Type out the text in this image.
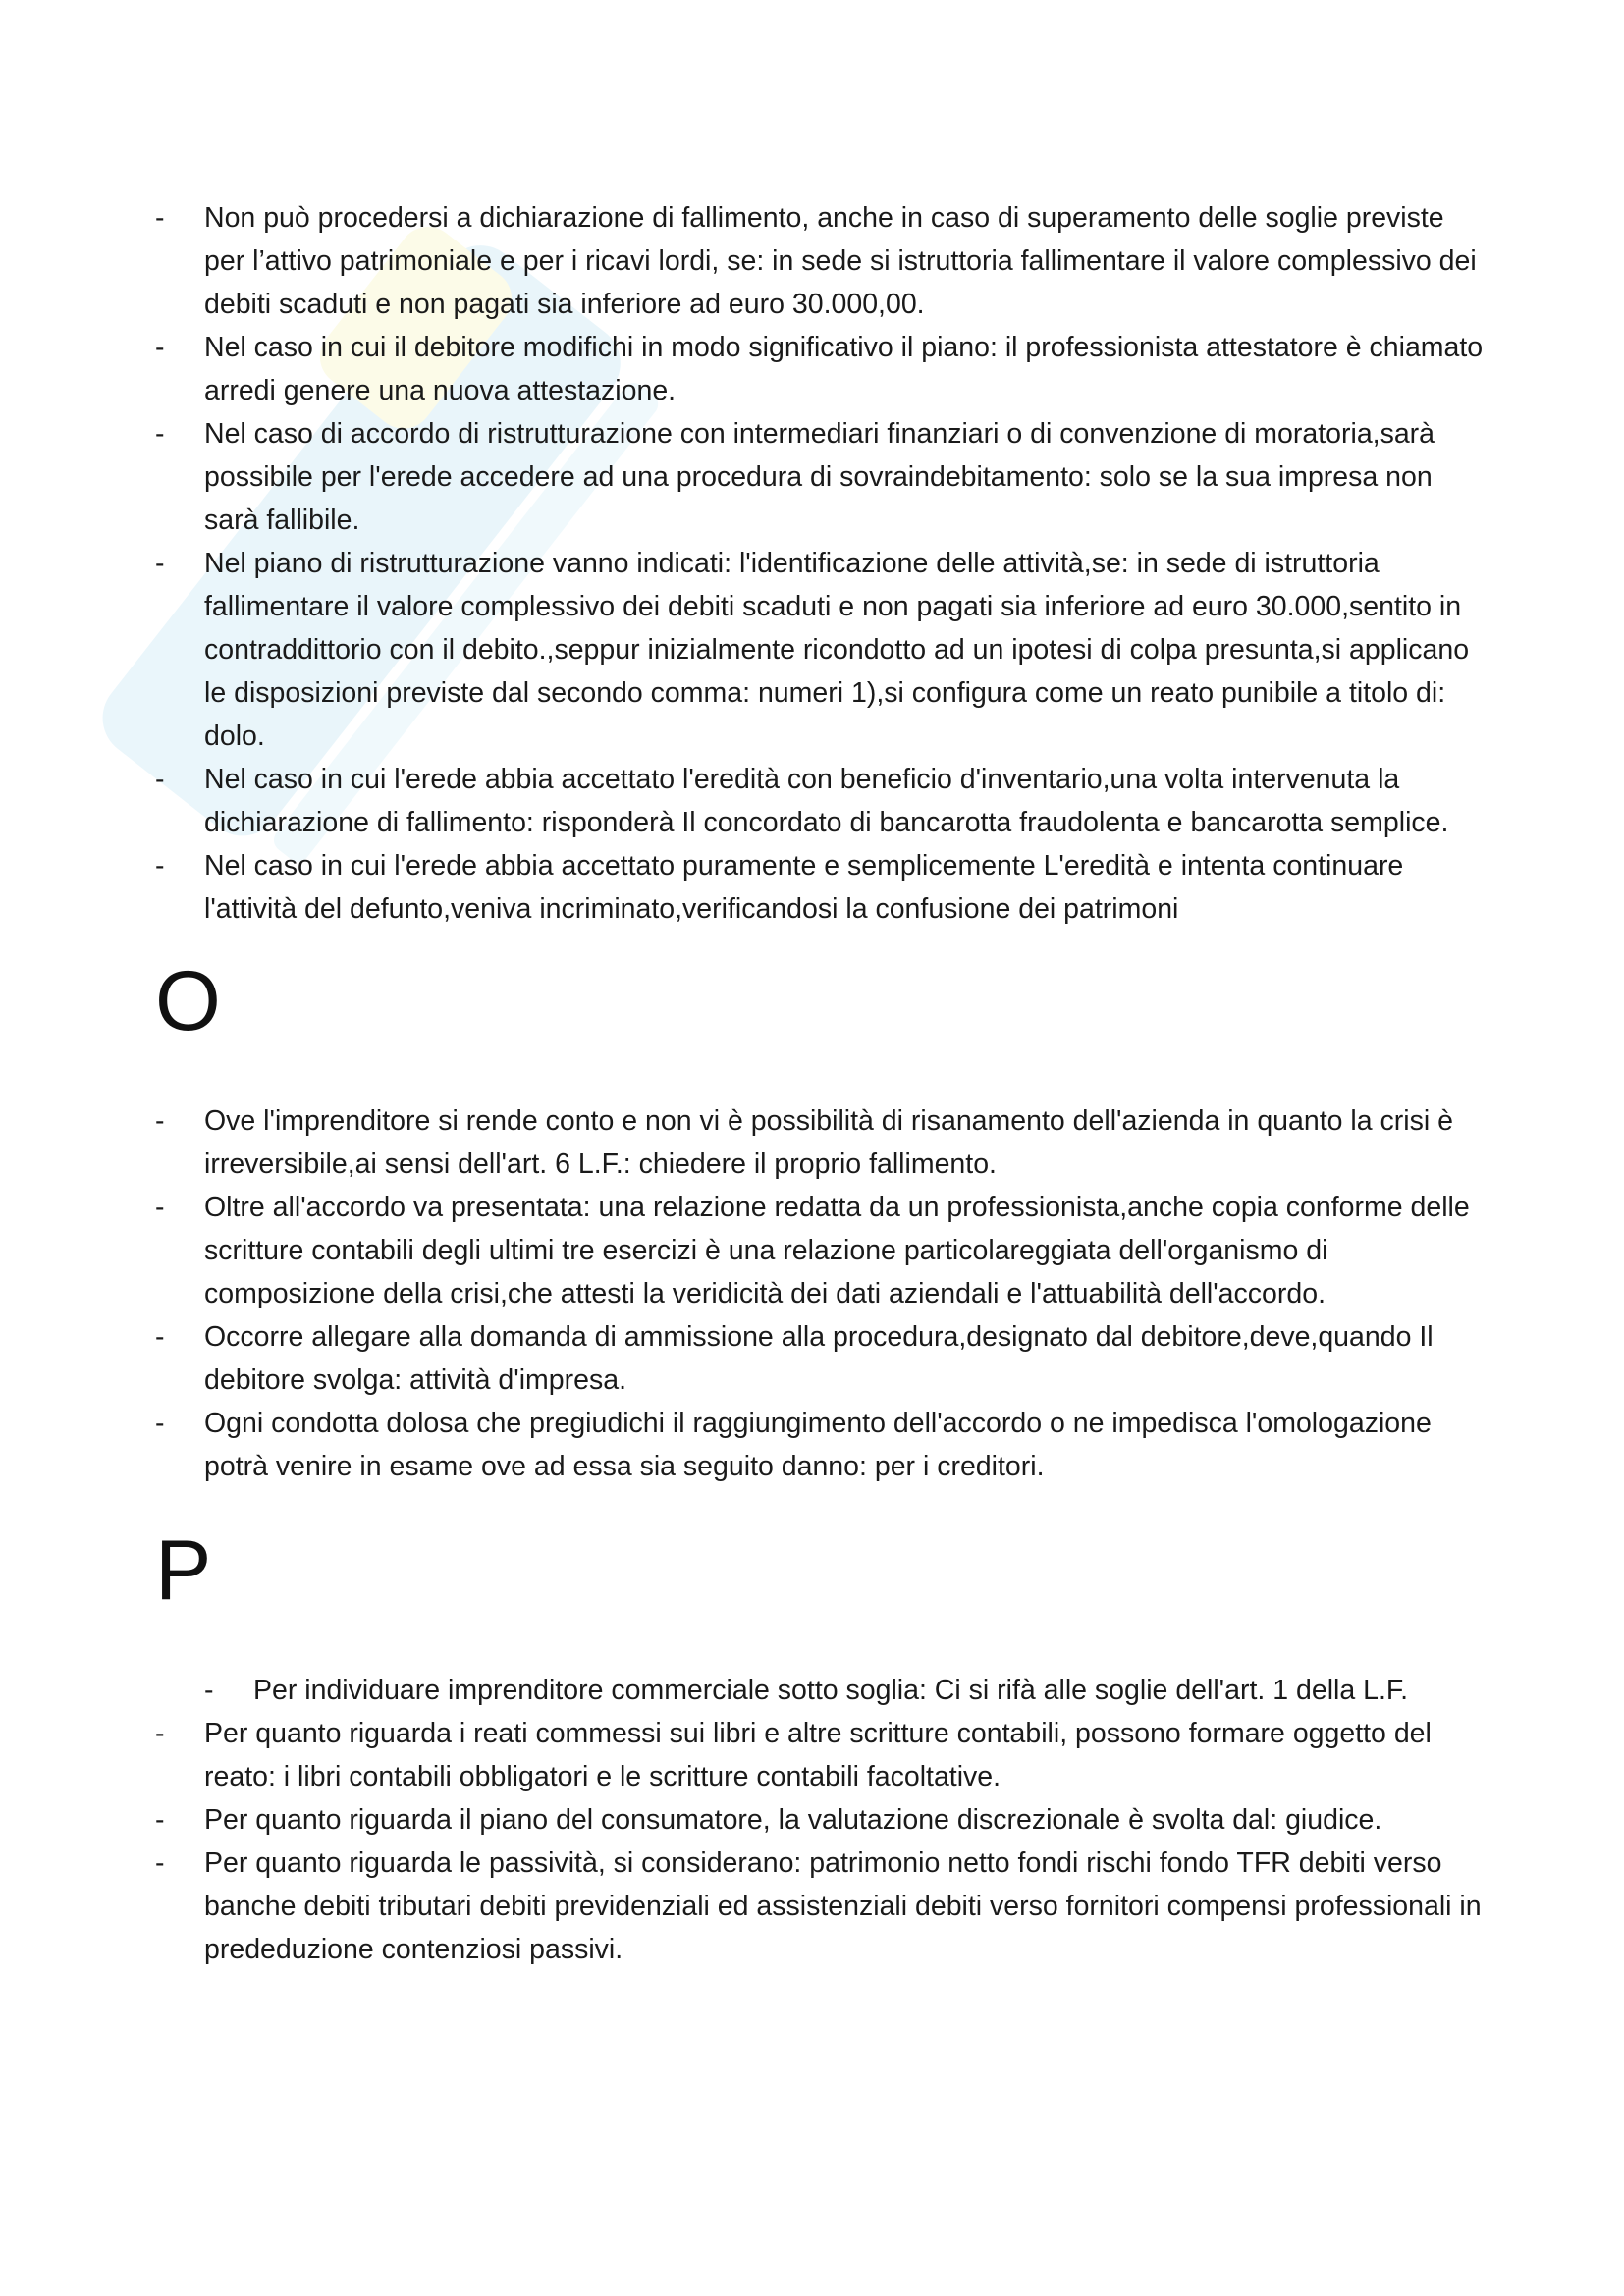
-	Non può procedersi a dichiarazione di fallimento, anche in caso di superamento delle soglie previste per l’attivo patrimoniale e per i ricavi lordi, se: in sede si istruttoria fallimentare il valore complessivo dei debiti scaduti e non pagati sia inferiore ad euro 30.000,00.
-	Nel caso in cui il debitore modifichi in modo significativo il piano: il professionista attestatore è chiamato arredi genere una nuova attestazione.
-	Nel caso di accordo di ristrutturazione con intermediari finanziari o di convenzione di moratoria,sarà possibile per l'erede accedere ad una procedura di sovraindebitamento: solo se la sua impresa non sarà fallibile.
-	Nel piano di ristrutturazione vanno indicati: l'identificazione delle attività,se: in sede di istruttoria fallimentare il valore complessivo dei debiti scaduti e non pagati sia inferiore ad euro 30.000,sentito in contraddittorio con il debito.,seppur inizialmente ricondotto ad un ipotesi di colpa presunta,si applicano le disposizioni previste dal secondo comma: numeri 1),si configura come un reato punibile a titolo di: dolo.
-	Nel caso in cui l'erede abbia accettato l'eredità con beneficio d'inventario,una volta intervenuta la dichiarazione di fallimento: risponderà Il concordato di bancarotta fraudolenta e bancarotta semplice.
-	Nel caso in cui l'erede abbia accettato puramente e semplicemente L'eredità e intenta continuare l'attività del defunto,veniva incriminato,verificandosi la confusione dei patrimoni
O
-	Ove l'imprenditore si rende conto e non vi è possibilità di risanamento dell'azienda in quanto la crisi è irreversibile,ai sensi dell'art. 6 L.F.: chiedere il proprio fallimento.
-	Oltre all'accordo va presentata: una relazione redatta da un professionista,anche copia conforme delle scritture contabili degli ultimi tre esercizi è una relazione particolareggiata dell'organismo di composizione della crisi,che attesti la veridicità dei dati aziendali e l'attuabilità dell'accordo.
-	Occorre allegare alla domanda di ammissione alla procedura,designato dal debitore,deve,quando Il debitore svolga: attività d'impresa.
-	Ogni condotta dolosa che pregiudichi il raggiungimento dell'accordo o ne impedisca l'omologazione potrà venire in esame ove ad essa sia seguito danno: per i creditori.
P
-	Per individuare imprenditore commerciale sotto soglia: Ci si rifà alle soglie dell'art. 1 della L.F.
-	Per quanto riguarda i reati commessi sui libri e altre scritture contabili, possono formare oggetto del reato: i libri contabili obbligatori e le scritture contabili facoltative.
-	Per quanto riguarda il piano del consumatore, la valutazione discrezionale è svolta dal: giudice.
-	Per quanto riguarda le passività, si considerano: patrimonio netto fondi rischi fondo TFR debiti verso banche debiti tributari debiti previdenziali ed assistenziali debiti verso fornitori compensi professionali in prededuzione contenziosi passivi.
